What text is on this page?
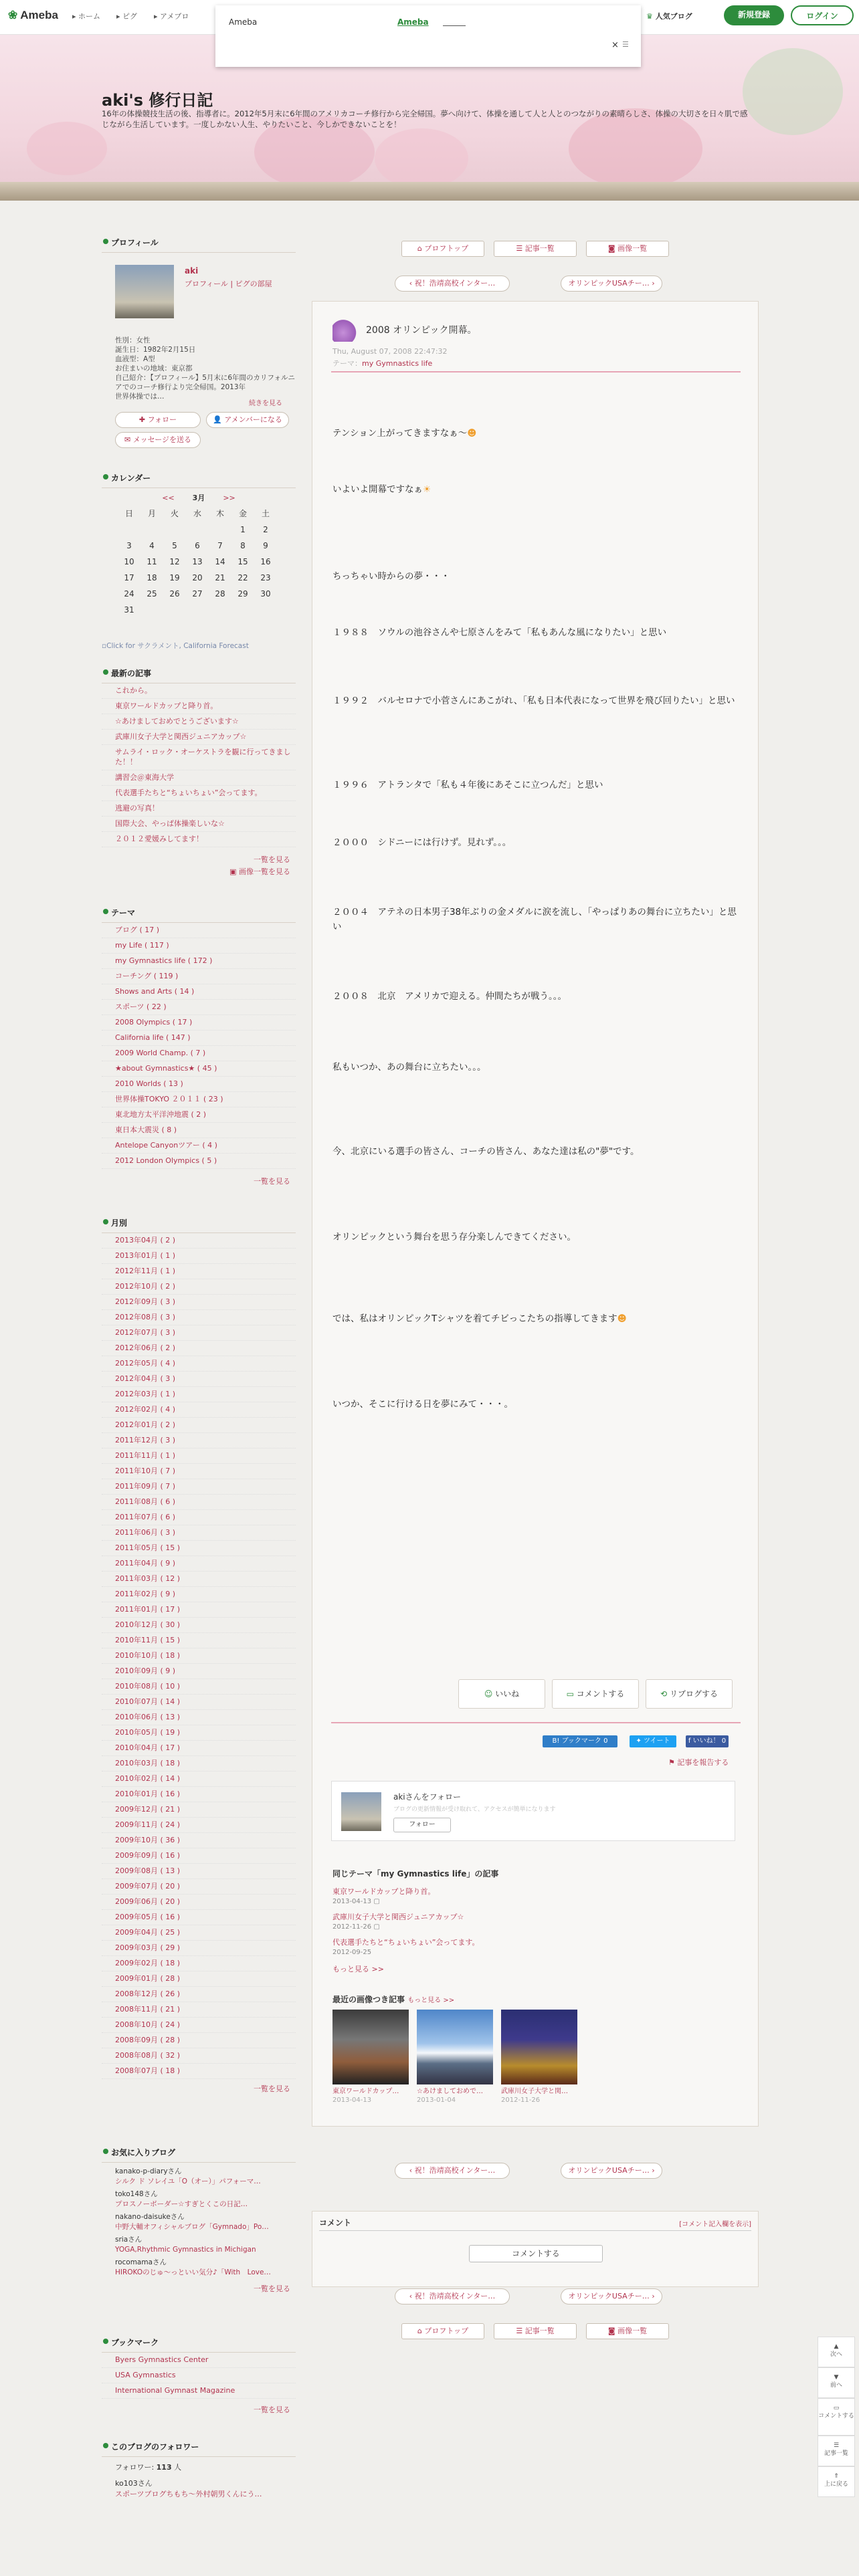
❀ Ameba ▸ ホーム ▸ ピグ ▸ アメブロ	♛ 人気ブログ	新規登録	ログイン
Ameba	Ameba
× ☰
aki's 修行日記
16年の体操競技生活の後、指導者に。2012年5月末に6年間のアメリカコーチ修行から完全帰国。夢へ向けて、体操を通して人と人とのつながりの素晴らしさ、体操の大切さを日々肌で感じながら生活しています。一度しかない人生、やりたいこと、今しかできないことを！
プロフィール
aki
プロフィール | ピグの部屋
性別：女性
誕生日：1982年2月15日
血液型：A型
お住まいの地域：東京都
自己紹介：【プロフィール】5月末に6年間のカリフォルニアでのコーチ修行より完全帰国。2013年
世界体操では…
続きを見る
✚ フォロー	👤 アメンバーになる
✉ メッセージを送る
カレンダー
<< 3月 >>
日	月	火	水	木	金	土
					1	2
3	4	5	6	7	8	9
10	11	12	13	14	15	16
17	18	19	20	21	22	23
24	25	26	27	28	29	30
31						
▫Click for サクラメント, California Forecast
最新の記事
これから。
東京ワールドカップと降り首。
☆あけましておめでとうございます☆
武庫川女子大学と関西ジュニアカップ☆
サムライ・ロック・オーケストラを観に行ってきました！！
講習会＠東海大学
代表選手たちと“ちょいちょい”会ってます。
逃避の写真！
国際大会、やっぱ体操楽しいな☆
２０１２愛媛みしてます！
一覧を見る
▣ 画像一覧を見る
テーマ
ブログ ( 17 )
my Life ( 117 )
my Gymnastics life ( 172 )
コーチング ( 119 )
Shows and Arts ( 14 )
スポーツ ( 22 )
2008 Olympics ( 17 )
California life ( 147 )
2009 World Champ. ( 7 )
★about Gymnastics★ ( 45 )
2010 Worlds ( 13 )
世界体操TOKYO ２０１１ ( 23 )
東北地方太平洋沖地震 ( 2 )
東日本大震災 ( 8 )
Antelope Canyonツアー ( 4 )
2012 London Olympics ( 5 )
一覧を見る
月別
2013年04月 ( 2 )
2013年01月 ( 1 )
2012年11月 ( 1 )
2012年10月 ( 2 )
2012年09月 ( 3 )
2012年08月 ( 3 )
2012年07月 ( 3 )
2012年06月 ( 2 )
2012年05月 ( 4 )
2012年04月 ( 3 )
2012年03月 ( 1 )
2012年02月 ( 4 )
2012年01月 ( 2 )
2011年12月 ( 3 )
2011年11月 ( 1 )
2011年10月 ( 7 )
2011年09月 ( 7 )
2011年08月 ( 6 )
2011年07月 ( 6 )
2011年06月 ( 3 )
2011年05月 ( 15 )
2011年04月 ( 9 )
2011年03月 ( 12 )
2011年02月 ( 9 )
2011年01月 ( 17 )
2010年12月 ( 30 )
2010年11月 ( 15 )
2010年10月 ( 18 )
2010年09月 ( 9 )
2010年08月 ( 10 )
2010年07月 ( 14 )
2010年06月 ( 13 )
2010年05月 ( 19 )
2010年04月 ( 17 )
2010年03月 ( 18 )
2010年02月 ( 14 )
2010年01月 ( 16 )
2009年12月 ( 21 )
2009年11月 ( 24 )
2009年10月 ( 36 )
2009年09月 ( 16 )
2009年08月 ( 13 )
2009年07月 ( 20 )
2009年06月 ( 20 )
2009年05月 ( 16 )
2009年04月 ( 25 )
2009年03月 ( 29 )
2009年02月 ( 18 )
2009年01月 ( 28 )
2008年12月 ( 26 )
2008年11月 ( 21 )
2008年10月 ( 24 )
2008年09月 ( 28 )
2008年08月 ( 32 )
2008年07月 ( 18 )
一覧を見る
お気に入りブログ
kanako-p-diaryさん
シルク ド ソレイユ「O（オー）」パフォーマ…
toko148さん
プロスノーボーダー☆すぎとくこの日記…
nakano-daisukeさん
中野大輔オフィシャルブログ「Gymnado」Po…
sriaさん
YOGA,Rhythmic Gymnastics in Michigan
rocomamaさん
HIROKOのじゅ〜っといい気分♪「With　Love…
一覧を見る
ブックマーク
Byers Gymnastics Center
USA Gymnastics
International Gymnast Magazine
一覧を見る
このブログのフォロワー
フォロワー: 113 人
ko103さん
スポーツブログちもち〜外村朝男くんにう…
⌂ プロフトップ	☰ 記事一覧	◙ 画像一覧
‹ 祝！浩靖高校インター…	オリンピックUSAチー… ›
2008 オリンピック開幕。
Thu, August 07, 2008 22:47:32
テーマ：my Gymnastics life
テンション上がってきますなぁ〜☻
いよいよ開幕ですなぁ☀
ちっちゃい時からの夢・・・
１９８８　ソウルの池谷さんや七原さんをみて「私もあんな風になりたい」と思い
１９９２　バルセロナで小菅さんにあこがれ、「私も日本代表になって世界を飛び回りたい」と思い
１９９６　アトランタで「私も４年後にあそこに立つんだ」と思い
２０００　シドニーには行けず。見れず。。。
２００４　アテネの日本男子38年ぶりの金メダルに涙を流し、「やっぱりあの舞台に立ちたい」と思い
２００８　北京　アメリカで迎える。仲間たちが戦う。。。
私もいつか、あの舞台に立ちたい。。。
今、北京にいる選手の皆さん、コーチの皆さん、あなた達は私の"夢"です。
オリンピックという舞台を思う存分楽しんできてください。
では、私はオリンピックTシャツを着てチビっこたちの指導してきます☻
いつか、そこに行ける日を夢にみて・・・。
☺ いいね	▭ コメントする	⟲ リブログする
B! ブックマーク 0	✦ ツイート	f いいね！ 0
⚑ 記事を報告する
akiさんをフォロー
ブログの更新情報が受け取れて、アクセスが簡単になります
フォロー
同じテーマ「my Gymnastics life」の記事
東京ワールドカップと降り首。
2013-04-13 ▢
武庫川女子大学と関西ジュニアカップ☆
2012-11-26 ▢
代表選手たちと“ちょいちょい”会ってます。
2012-09-25
もっと見る >>
最近の画像つき記事 もっと見る >>
東京ワールドカップ…
2013-04-13
☆あけましておめで…
2013-01-04
武庫川女子大学と関…
2012-11-26
‹ 祝！浩靖高校インター…	オリンピックUSAチー… ›
コメント	[コメント記入欄を表示]
コメントする
‹ 祝！浩靖高校インター…	オリンピックUSAチー… ›
⌂ プロフトップ	☰ 記事一覧	◙ 画像一覧
▲
次へ
▼
前へ
▭
コメントする
☰
記事一覧
⇑
上に戻る
